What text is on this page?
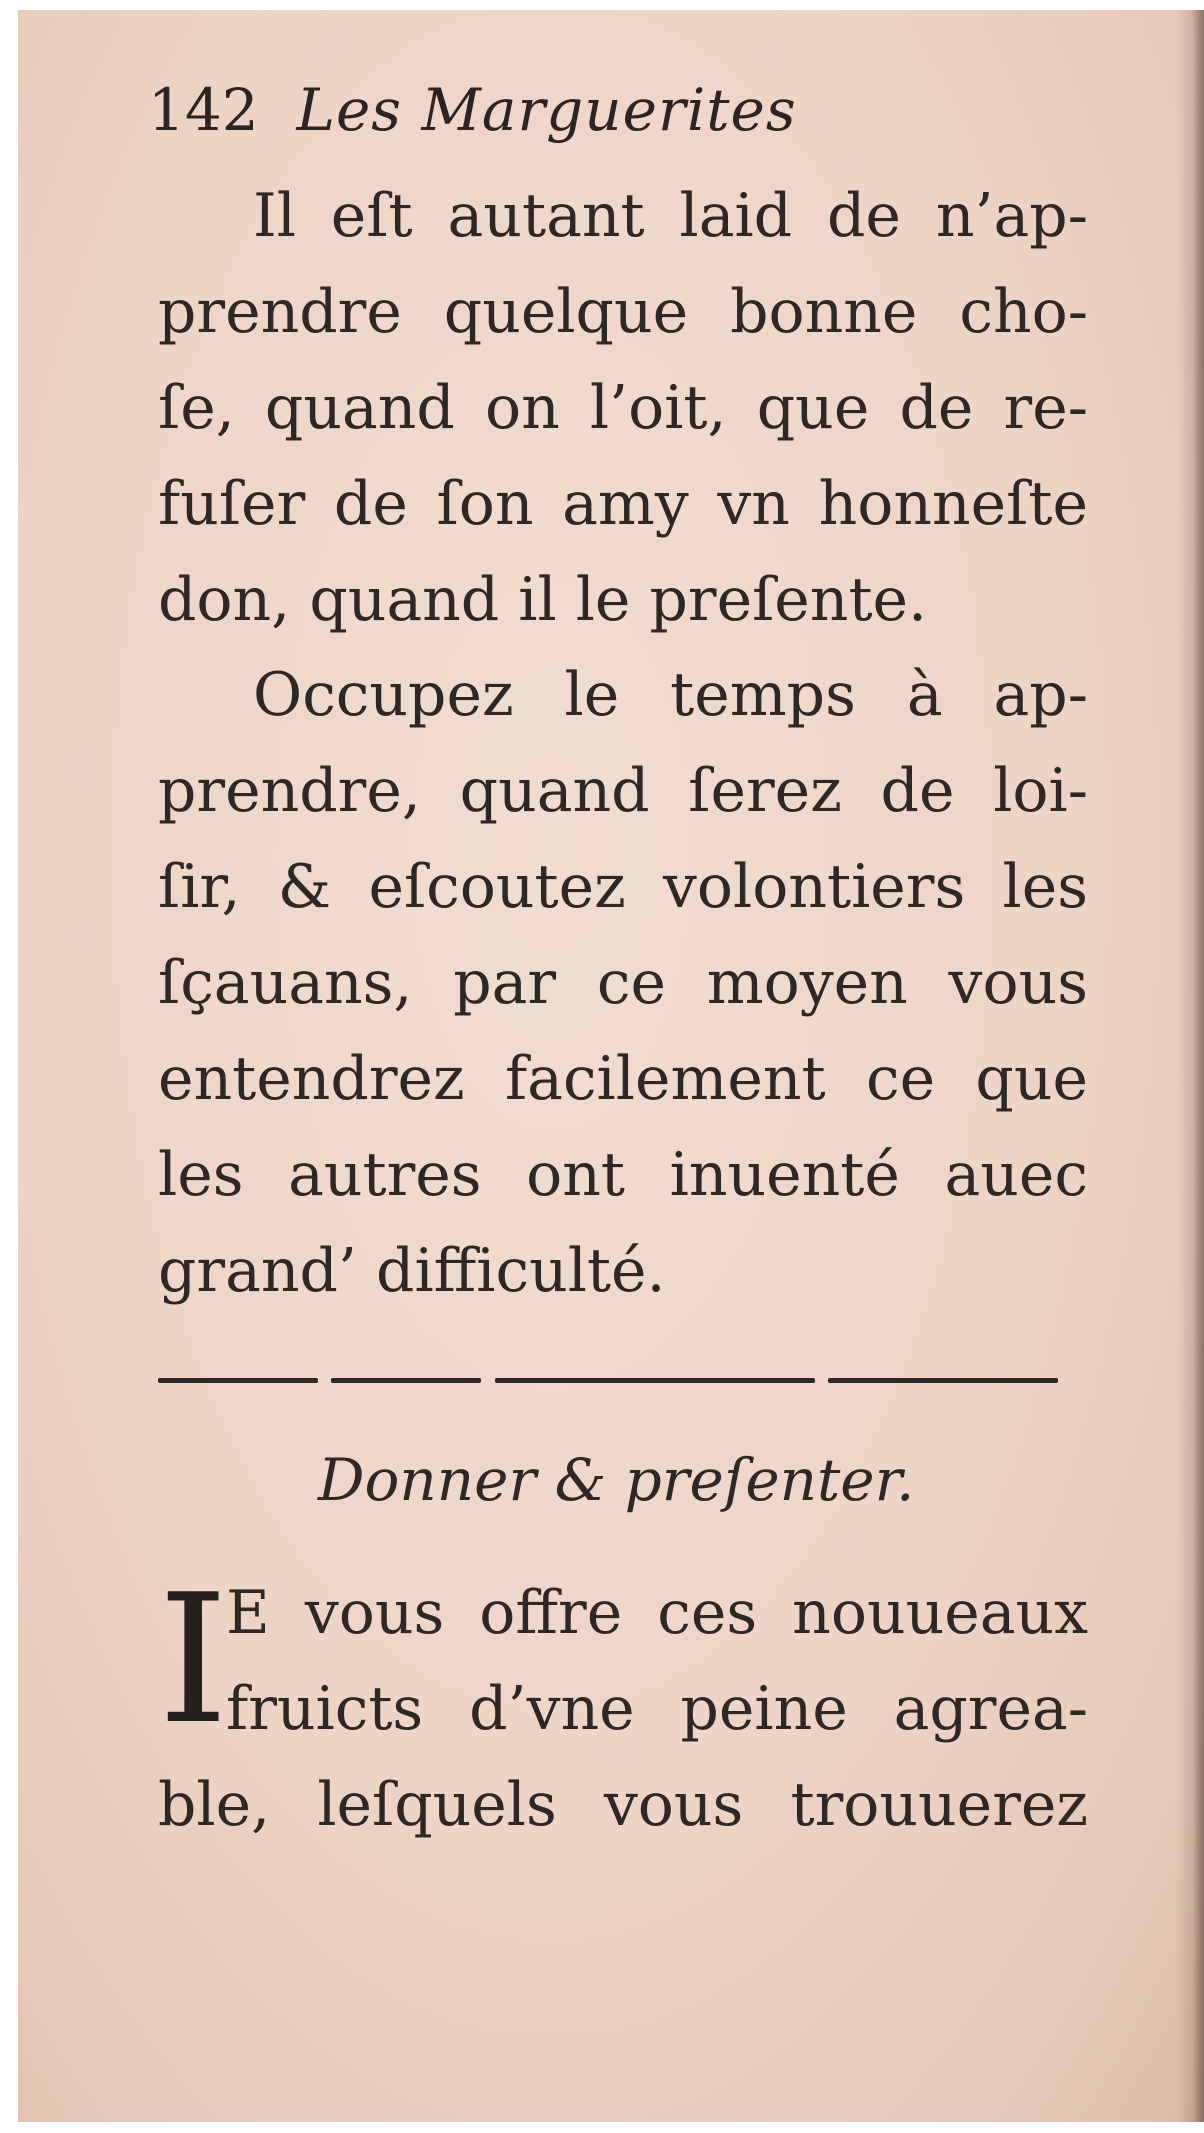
142 Les Marguerites
Il eſt autant laid de n’ap-
prendre quelque bonne cho-
ſe, quand on l’oit, que de re-
fuſer de ſon amy vn honneſte
don, quand il le preſente.
Occupez le temps à ap-
prendre, quand ſerez de loi-
ſir, & eſcoutez volontiers les
ſçauans, par ce moyen vous
entendrez facilement ce que
les autres ont inuenté auec
grand’ difficulté.
Donner & preſenter.
I
E vous offre ces nouueaux
fruicts d’vne peine agrea-
ble, leſquels vous trouuerez
